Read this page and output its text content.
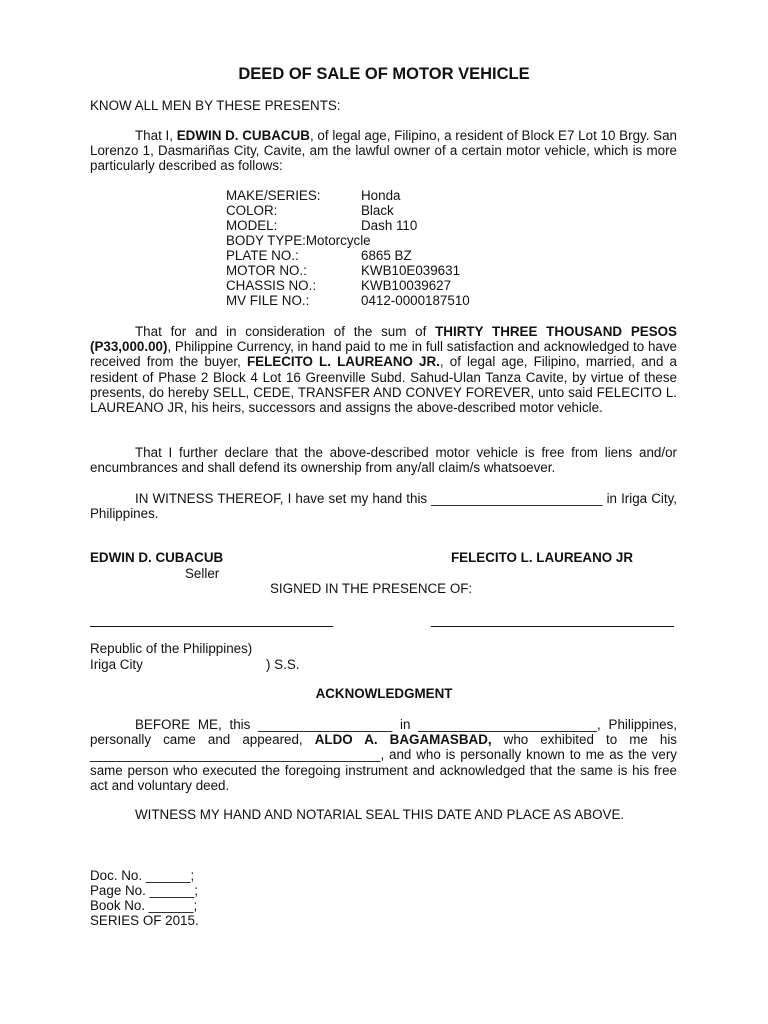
DEED OF SALE OF MOTOR VEHICLE
KNOW ALL MEN BY THESE PRESENTS:

That I, EDWIN D. CUBACUB, of legal age, Filipino, a resident of Block E7 Lot 10 Brgy. San Lorenzo 1, Dasmariñas City, Cavite, am the lawful owner of a certain motor vehicle, which is more particularly described as follows:

MAKE/SERIES:	Honda
COLOR:	Black
MODEL:	Dash 110
BODY TYPE:Motorcycle
PLATE NO.:	6865 BZ
MOTOR NO.:	KWB10E039631
CHASSIS NO.:	KWB10039627
MV FILE NO.:	0412-0000187510

That for and in consideration of the sum of THIRTY THREE THOUSAND PESOS (P33,000.00), Philippine Currency, in hand paid to me in full satisfaction and acknowledged to have received from the buyer, FELECITO L. LAUREANO JR., of legal age, Filipino, married, and a resident of Phase 2 Block 4 Lot 16 Greenville Subd. Sahud-Ulan Tanza Cavite, by virtue of these presents, do hereby SELL, CEDE, TRANSFER AND CONVEY FOREVER, unto said FELECITO L. LAUREANO JR, his heirs, successors and assigns the above-described motor vehicle.

That I further declare that the above-described motor vehicle is free from liens and/or encumbrances and shall defend its ownership from any/all claim/s whatsoever.

IN WITNESS THEREOF, I have set my hand this _______________________ in Iriga City, Philippines.

EDWIN D. CUBACUB
Seller
FELECITO L. LAUREANO JR
SIGNED IN THE PRESENCE OF:
Republic of the Philippines)
Iriga City	) S.S.
ACKNOWLEDGMENT

BEFORE ME, this __________________ in ________________________, Philippines, personally came and appeared, ALDO A. BAGAMASBAD, who exhibited to me his _______________________________________, and who is personally known to me as the very same person who executed the foregoing instrument and acknowledged that the same is his free act and voluntary deed.

WITNESS MY HAND AND NOTARIAL SEAL THIS DATE AND PLACE AS ABOVE.

Doc. No. ______;
Page No. ______;
Book No. ______;
SERIES OF 2015.
